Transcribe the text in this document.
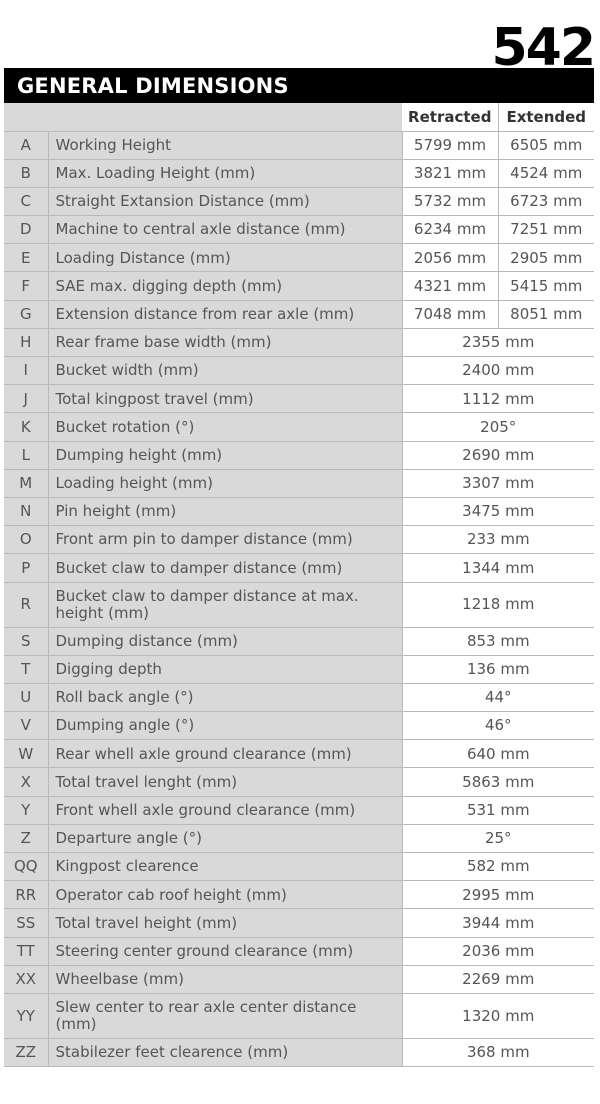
542
GENERAL DIMENSIONS
		Retracted	Extended
A	Working Height	5799 mm	6505 mm
B	Max. Loading Height (mm)	3821 mm	4524 mm
C	Straight Extansion Distance (mm)	5732 mm	6723 mm
D	Machine to central axle distance (mm)	6234 mm	7251 mm
E	Loading Distance (mm)	2056 mm	2905 mm
F	SAE max. digging depth (mm)	4321 mm	5415 mm
G	Extension distance from rear axle (mm)	7048 mm	8051 mm
H	Rear frame base width (mm)	2355 mm	
I	Bucket width (mm)	2400 mm	
J	Total kingpost travel (mm)	1112 mm	
K	Bucket rotation (°)	205°	
L	Dumping height (mm)	2690 mm	
M	Loading height (mm)	3307 mm	
N	Pin height (mm)	3475 mm	
O	Front arm pin to damper distance (mm)	233 mm	
P	Bucket claw to damper distance (mm)	1344 mm	
R	Bucket claw to damper distance at max. height (mm)	1218 mm	
S	Dumping distance (mm)	853 mm	
T	Digging depth	136 mm	
U	Roll back angle (°)	44°	
V	Dumping angle (°)	46°	
W	Rear whell axle ground clearance (mm)	640 mm	
X	Total travel lenght (mm)	5863 mm	
Y	Front whell axle ground clearance (mm)	531 mm	
Z	Departure angle (°)	25°	
QQ	Kingpost clearence	582 mm	
RR	Operator cab roof height (mm)	2995 mm	
SS	Total travel height (mm)	3944 mm	
TT	Steering center ground clearance (mm)	2036 mm	
XX	Wheelbase (mm)	2269 mm	
YY	Slew center to rear axle center distance (mm)	1320 mm	
ZZ	Stabilezer feet clearence (mm)	368 mm	
